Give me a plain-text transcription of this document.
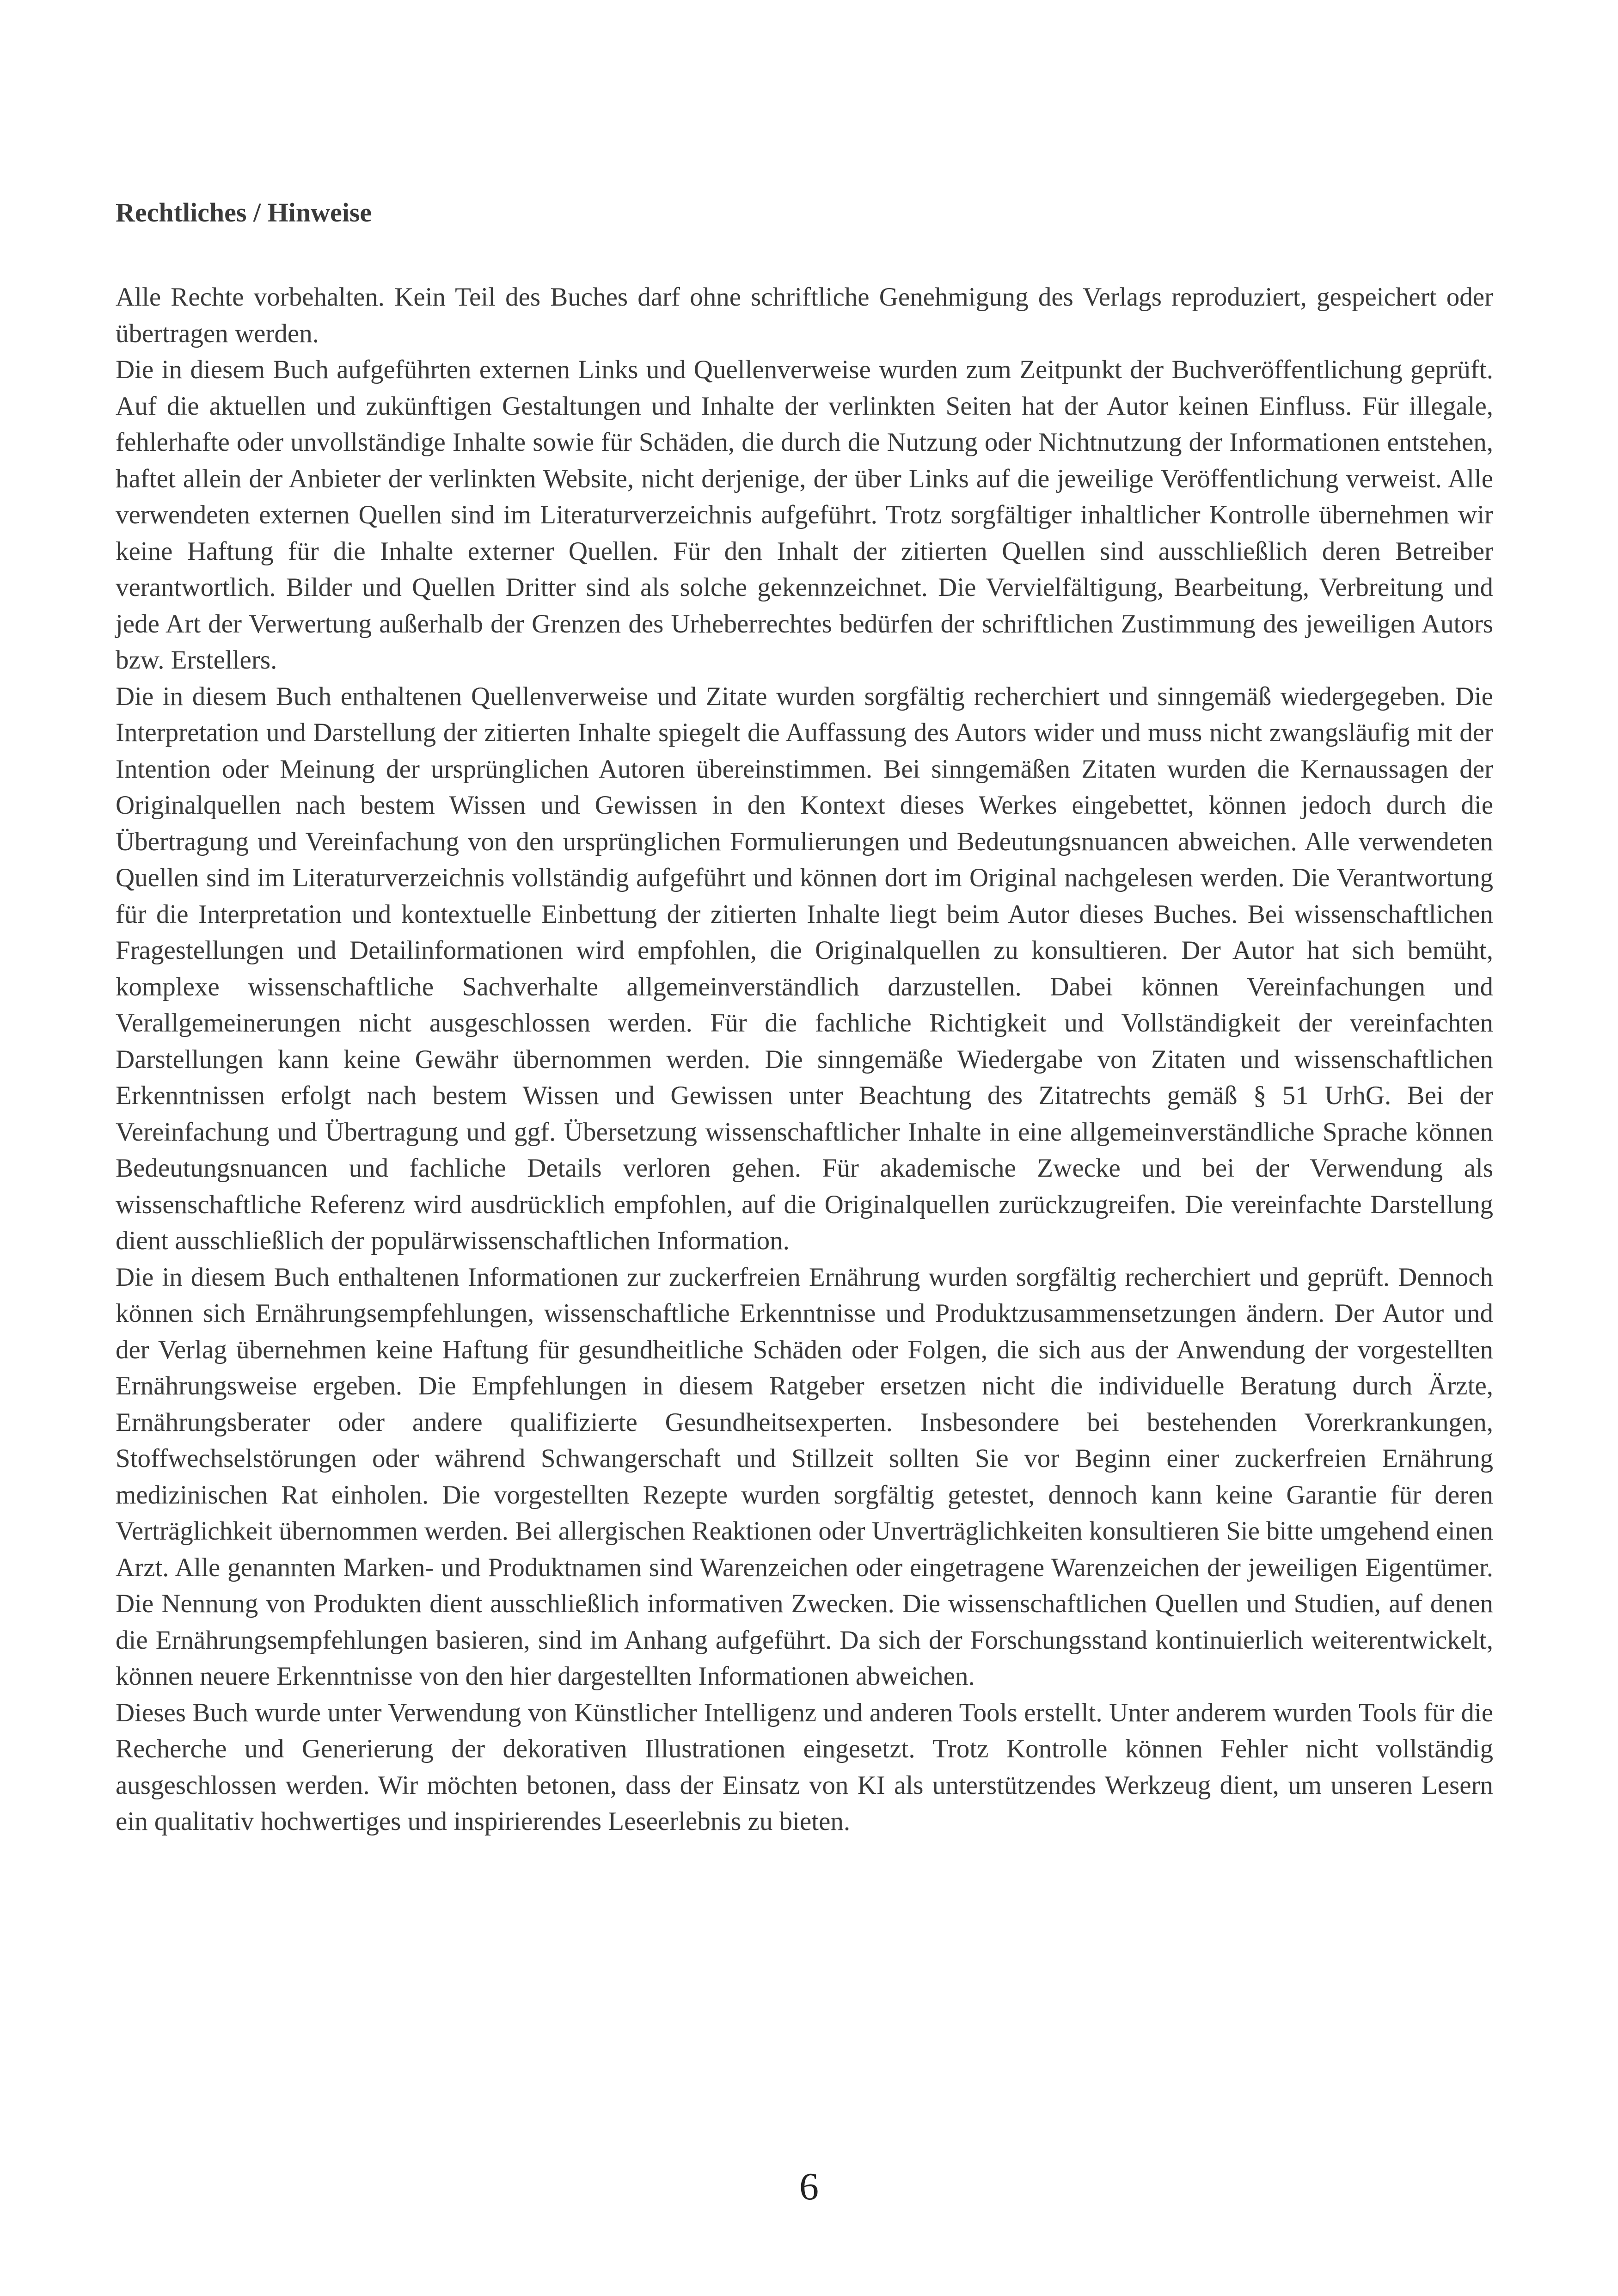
Rechtliches / Hinweise

Alle Rechte vorbehalten. Kein Teil des Buches darf ohne schriftliche Genehmigung des Verlags reproduziert, gespeichert oder übertragen werden.

Die in diesem Buch aufgeführten externen Links und Quellenverweise wurden zum Zeitpunkt der Buchveröffentlichung geprüft. Auf die aktuellen und zukünftigen Gestaltungen und Inhalte der verlinkten Seiten hat der Autor keinen Einfluss. Für illegale, fehlerhafte oder unvollständige Inhalte sowie für Schäden, die durch die Nutzung oder Nichtnutzung der Informationen entstehen, haftet allein der Anbieter der verlinkten Website, nicht derjenige, der über Links auf die jeweilige Veröffentlichung verweist. Alle verwendeten externen Quellen sind im Literaturverzeichnis aufgeführt. Trotz sorgfältiger inhaltlicher Kontrolle übernehmen wir keine Haftung für die Inhalte externer Quellen. Für den Inhalt der zitierten Quellen sind ausschließlich deren Betreiber verantwortlich. Bilder und Quellen Dritter sind als solche gekennzeichnet. Die Vervielfältigung, Bearbeitung, Verbreitung und jede Art der Verwertung außerhalb der Grenzen des Urheberrechtes bedürfen der schriftlichen Zustimmung des jeweiligen Autors bzw. Erstellers.

Die in diesem Buch enthaltenen Quellenverweise und Zitate wurden sorgfältig recherchiert und sinngemäß wiedergegeben. Die Interpretation und Darstellung der zitierten Inhalte spiegelt die Auffassung des Autors wider und muss nicht zwangsläufig mit der Intention oder Meinung der ursprünglichen Autoren übereinstimmen. Bei sinngemäßen Zitaten wurden die Kernaussagen der Originalquellen nach bestem Wissen und Gewissen in den Kontext dieses Werkes eingebettet, können jedoch durch die Übertragung und Vereinfachung von den ursprünglichen Formulierungen und Bedeutungsnuancen abweichen. Alle verwendeten Quellen sind im Literaturverzeichnis vollständig aufgeführt und können dort im Original nachgelesen werden. Die Verantwortung für die Interpretation und kontextuelle Einbettung der zitierten Inhalte liegt beim Autor dieses Buches. Bei wissenschaftlichen Fragestellungen und Detailinformationen wird empfohlen, die Originalquellen zu konsultieren. Der Autor hat sich bemüht, komplexe wissenschaftliche Sachverhalte allgemeinverständlich darzustellen. Dabei können Vereinfachungen und Verallgemeinerungen nicht ausgeschlossen werden. Für die fachliche Richtigkeit und Vollständigkeit der vereinfachten Darstellungen kann keine Gewähr übernommen werden. Die sinngemäße Wiedergabe von Zitaten und wissenschaftlichen Erkenntnissen erfolgt nach bestem Wissen und Gewissen unter Beachtung des Zitatrechts gemäß § 51 UrhG. Bei der Vereinfachung und Übertragung und ggf. Übersetzung wissenschaftlicher Inhalte in eine allgemeinverständliche Sprache können Bedeutungsnuancen und fachliche Details verloren gehen. Für akademische Zwecke und bei der Verwendung als wissenschaftliche Referenz wird ausdrücklich empfohlen, auf die Originalquellen zurückzugreifen. Die vereinfachte Darstellung dient ausschließlich der populärwissenschaftlichen Information.

Die in diesem Buch enthaltenen Informationen zur zuckerfreien Ernährung wurden sorgfältig recherchiert und geprüft. Dennoch können sich Ernährungsempfehlungen, wissenschaftliche Erkenntnisse und Produktzusammensetzungen ändern. Der Autor und der Verlag übernehmen keine Haftung für gesundheitliche Schäden oder Folgen, die sich aus der Anwendung der vorgestellten Ernährungsweise ergeben. Die Empfehlungen in diesem Ratgeber ersetzen nicht die individuelle Beratung durch Ärzte, Ernährungsberater oder andere qualifizierte Gesundheitsexperten. Insbesondere bei bestehenden Vorerkrankungen, Stoffwechselstörungen oder während Schwangerschaft und Stillzeit sollten Sie vor Beginn einer zuckerfreien Ernährung medizinischen Rat einholen. Die vorgestellten Rezepte wurden sorgfältig getestet, dennoch kann keine Garantie für deren Verträglichkeit übernommen werden. Bei allergischen Reaktionen oder Unverträglichkeiten konsultieren Sie bitte umgehend einen Arzt. Alle genannten Marken- und Produktnamen sind Warenzeichen oder eingetragene Warenzeichen der jeweiligen Eigentümer. Die Nennung von Produkten dient ausschließlich informativen Zwecken. Die wissenschaftlichen Quellen und Studien, auf denen die Ernährungsempfehlungen basieren, sind im Anhang aufgeführt. Da sich der Forschungsstand kontinuierlich weiterentwickelt, können neuere Erkenntnisse von den hier dargestellten Informationen abweichen.

Dieses Buch wurde unter Verwendung von Künstlicher Intelligenz und anderen Tools erstellt. Unter anderem wurden Tools für die Recherche und Generierung der dekorativen Illustrationen eingesetzt. Trotz Kontrolle können Fehler nicht vollständig ausgeschlossen werden. Wir möchten betonen, dass der Einsatz von KI als unterstützendes Werkzeug dient, um unseren Lesern ein qualitativ hochwertiges und inspirierendes Leseerlebnis zu bieten.

6
